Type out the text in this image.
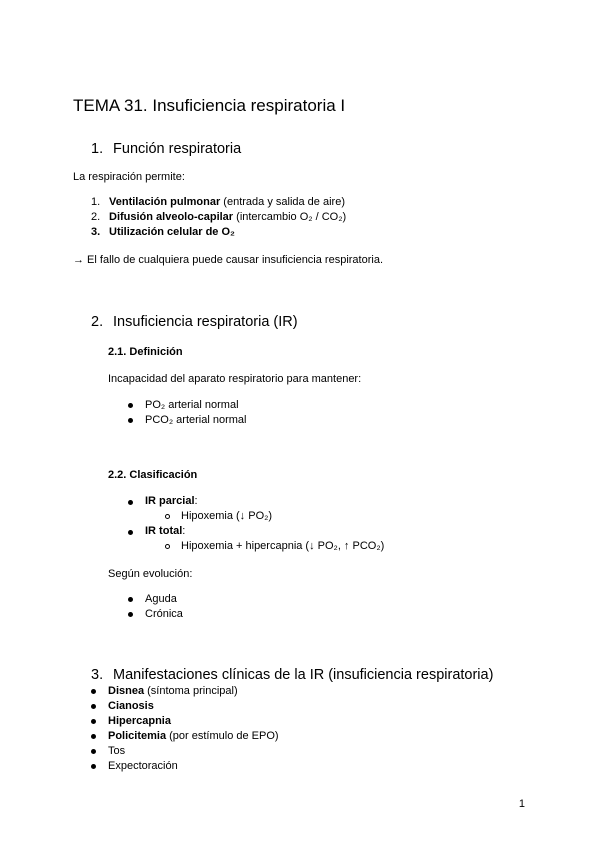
TEMA 31. Insuficiencia respiratoria I
1. Función respiratoria
La respiración permite:
1. Ventilación pulmonar (entrada y salida de aire)
2. Difusión alveolo-capilar (intercambio O₂ / CO₂)
3. Utilización celular de O₂
→ El fallo de cualquiera puede causar insuficiencia respiratoria.
2. Insuficiencia respiratoria (IR)
2.1. Definición
Incapacidad del aparato respiratorio para mantener:
PO₂ arterial normal
PCO₂ arterial normal
2.2. Clasificación
IR parcial:
Hipoxemia (↓ PO₂)
IR total:
Hipoxemia + hipercapnia (↓ PO₂, ↑ PCO₂)
Según evolución:
Aguda
Crónica
3. Manifestaciones clínicas de la IR (insuficiencia respiratoria)
Disnea (síntoma principal)
Cianosis
Hipercapnia
Policitemia (por estímulo de EPO)
Tos
Expectoración
1
